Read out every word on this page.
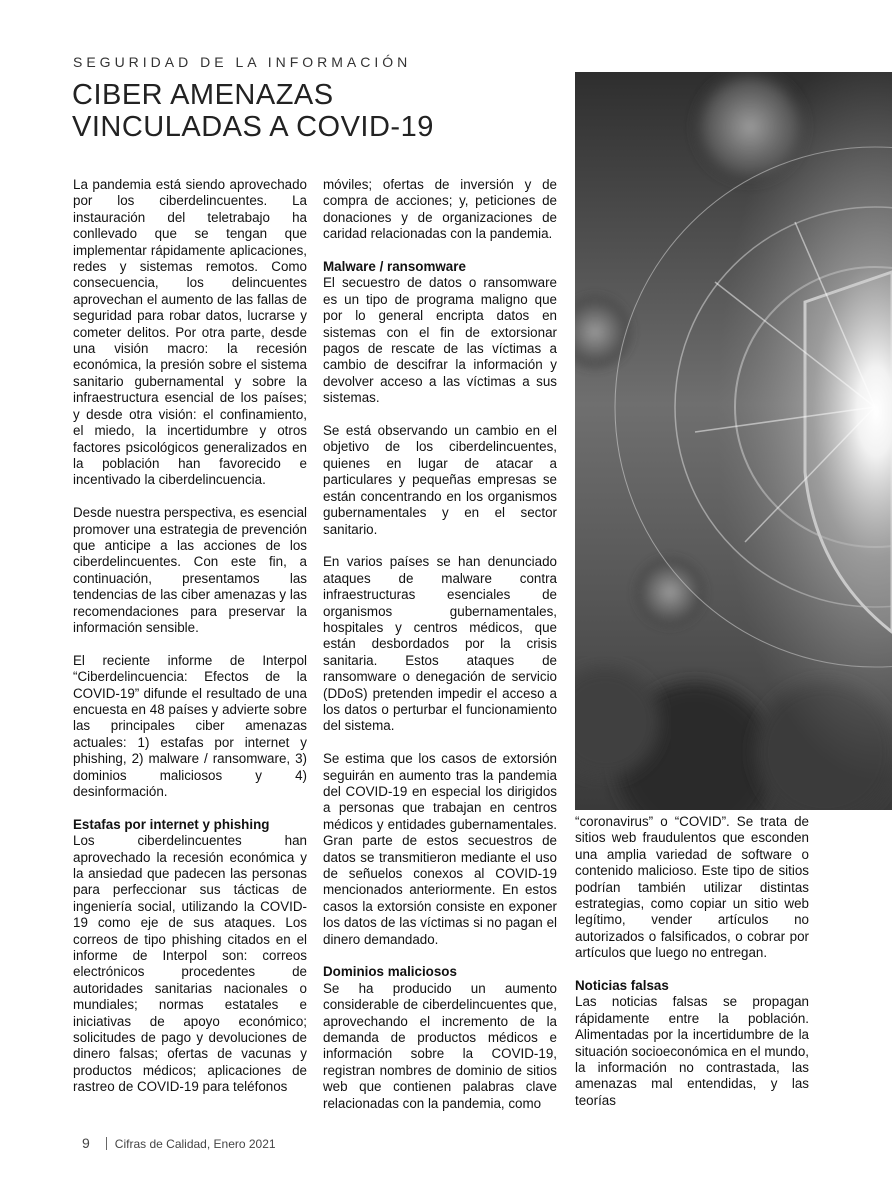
SEGURIDAD DE LA INFORMACIÓN
CIBER AMENAZAS
VINCULADAS A COVID-19

La pandemia está siendo aprovechado por los ciberdelincuentes. La instauración del teletrabajo ha conllevado que se tengan que implementar rápidamente aplicaciones, redes y sistemas remotos. Como consecuencia, los delincuentes aprovechan el aumento de las fallas de seguridad para robar datos, lucrarse y cometer delitos. Por otra parte, desde una visión macro: la recesión económica, la presión sobre el sistema sanitario gubernamental y sobre la infraestructura esencial de los países; y desde otra visión: el confinamiento, el miedo, la incertidumbre y otros factores psicológicos generalizados en la población han favorecido e incentivado la ciberdelincuencia.

Desde nuestra perspectiva, es esencial promover una estrategia de prevención que anticipe a las acciones de los ciberdelincuentes. Con este fin, a continuación, presentamos las tendencias de las ciber amenazas y las recomendaciones para preservar la información sensible.

El reciente informe de Interpol “Ciberdelincuencia: Efectos de la COVID-19” difunde el resultado de una encuesta en 48 países y advierte sobre las principales ciber amenazas actuales: 1) estafas por internet y phishing, 2) malware / ransomware, 3) dominios maliciosos y 4) desinformación.

Estafas por internet y phishing

Los ciberdelincuentes han aprovechado la recesión económica y la ansiedad que padecen las personas para perfeccionar sus tácticas de ingeniería social, utilizando la COVID-19 como eje de sus ataques. Los correos de tipo phishing citados en el informe de Interpol son: correos electrónicos procedentes de autoridades sanitarias nacionales o mundiales; normas estatales e iniciativas de apoyo económico; solicitudes de pago y devoluciones de dinero falsas; ofertas de vacunas y productos médicos; aplicaciones de rastreo de COVID-19 para teléfonos

móviles; ofertas de inversión y de compra de acciones; y, peticiones de donaciones y de organizaciones de caridad relacionadas con la pandemia.

Malware / ransomware

El secuestro de datos o ransomware es un tipo de programa maligno que por lo general encripta datos en sistemas con el fin de extorsionar pagos de rescate de las víctimas a cambio de descifrar la información y devolver acceso a las víctimas a sus sistemas.

Se está observando un cambio en el objetivo de los ciberdelincuentes, quienes en lugar de atacar a particulares y pequeñas empresas se están concentrando en los organismos gubernamentales y en el sector sanitario.

En varios países se han denunciado ataques de malware contra infraestructuras esenciales de organismos gubernamentales, hospitales y centros médicos, que están desbordados por la crisis sanitaria. Estos ataques de ransomware o denegación de servicio (DDoS) pretenden impedir el acceso a los datos o perturbar el funcionamiento del sistema.

Se estima que los casos de extorsión seguirán en aumento tras la pandemia del COVID-19 en especial los dirigidos a personas que trabajan en centros médicos y entidades gubernamentales. Gran parte de estos secuestros de datos se transmitieron mediante el uso de señuelos conexos al COVID-19 mencionados anteriormente. En estos casos la extorsión consiste en exponer los datos de las víctimas si no pagan el dinero demandado.

Dominios maliciosos

Se ha producido un aumento considerable de ciberdelincuentes que, aprovechando el incremento de la demanda de productos médicos e información sobre la COVID-19, registran nombres de dominio de sitios web que contienen palabras clave relacionadas con la pandemia, como

“coronavirus” o “COVID”. Se trata de sitios web fraudulentos que esconden una amplia variedad de software o contenido malicioso. Este tipo de sitios podrían también utilizar distintas estrategias, como copiar un sitio web legítimo, vender artículos no autorizados o falsificados, o cobrar por artículos que luego no entregan.

Noticias falsas

Las noticias falsas se propagan rápidamente entre la población. Alimentadas por la incertidumbre de la situación socioeconómica en el mundo, la información no contrastada, las amenazas mal entendidas, y las teorías

9 Cifras de Calidad, Enero 2021
